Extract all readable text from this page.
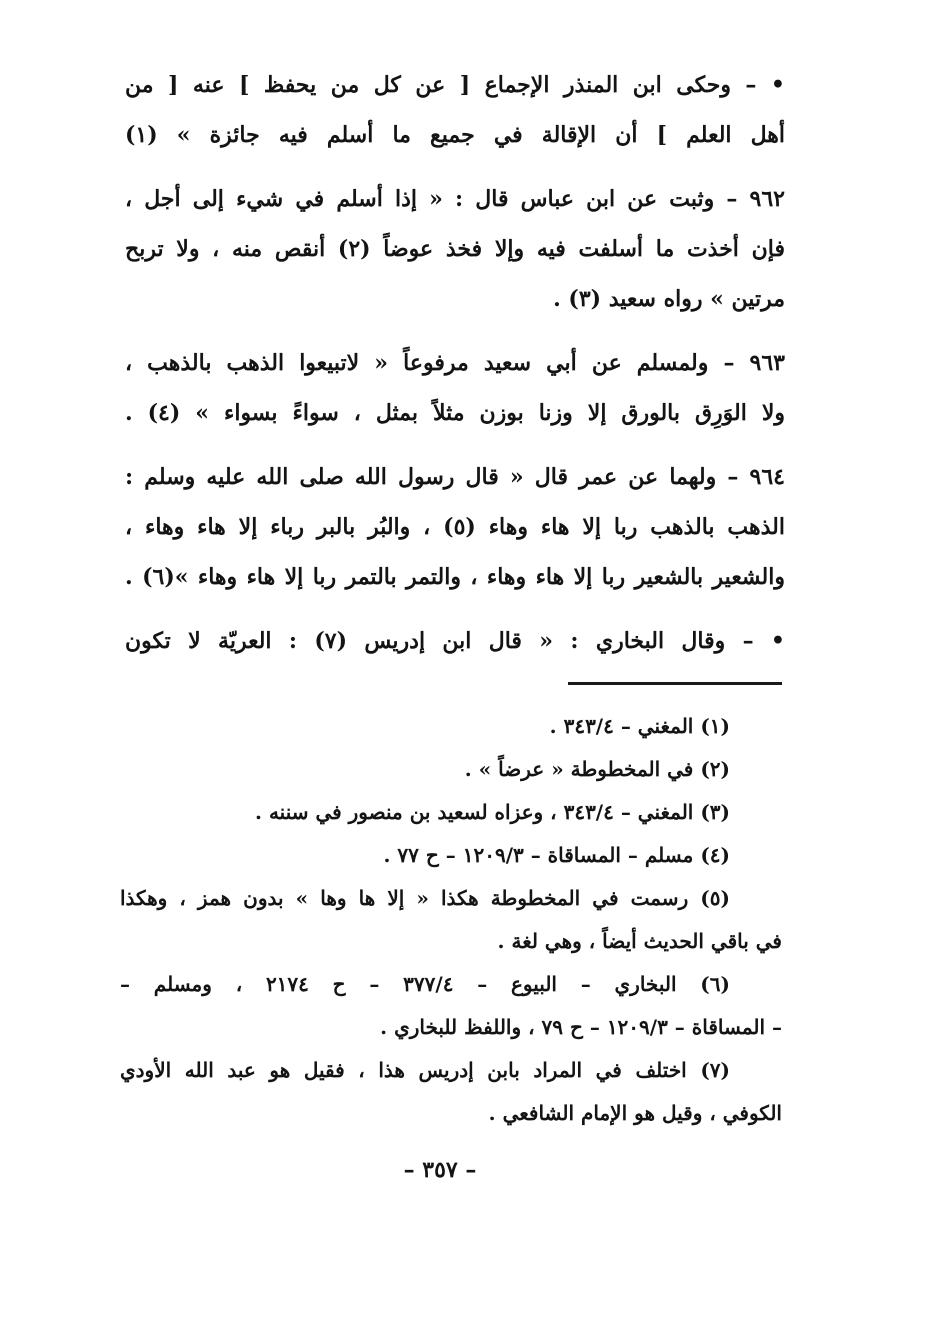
• – وحكى ابن المنذر الإجماع [ عن كل من يحفظ ] عنه [ من
أهل العلم ] أن الإقالة في جميع ما أسلم فيه جائزة » (١)
٩٦٢ – وثبت عن ابن عباس قال : « إذا أسلم في شيء إلى أجل ،
فإن أخذت ما أسلفت فيه وإلا فخذ عوضاً (٢) أنقص منه ، ولا تربح
مرتين » رواه سعيد (٣) .
٩٦٣ – ولمسلم عن أبي سعيد مرفوعاً « لاتبيعوا الذهب بالذهب ،
ولا الوَرِق بالورق إلا وزنا بوزن مثلاً بمثل ، سواءً بسواء » (٤) .
٩٦٤ – ولهما عن عمر قال « قال رسول الله صلى الله عليه وسلم :
الذهب بالذهب ربا إلا هاء وهاء (٥) ، والبُر بالبر رباء إلا هاء وهاء ،
والشعير بالشعير ربا إلا هاء وهاء ، والتمر بالتمر ربا إلا هاء وهاء »(٦) .
• – وقال البخاري : « قال ابن إدريس (٧) : العريّة لا تكون
(١) المغني – ٣٤٣/٤ .
(٢) في المخطوطة « عرضاً » .
(٣) المغني – ٣٤٣/٤ ، وعزاه لسعيد بن منصور في سننه .
(٤) مسلم – المساقاة – ١٢٠٩/٣ – ح ٧٧ .
(٥) رسمت في المخطوطة هكذا « إلا ها وها » بدون همز ، وهكذا
في باقي الحديث أيضاً ، وهي لغة .
(٦) البخاري – البيوع – ٣٧٧/٤ – ح ٢١٧٤ ، ومسلم –
– المساقاة – ١٢٠٩/٣ – ح ٧٩ ، واللفظ للبخاري .
(٧) اختلف في المراد بابن إدريس هذا ، فقيل هو عبد الله الأودي
الكوفي ، وقيل هو الإمام الشافعي .
– ٣٥٧ –
